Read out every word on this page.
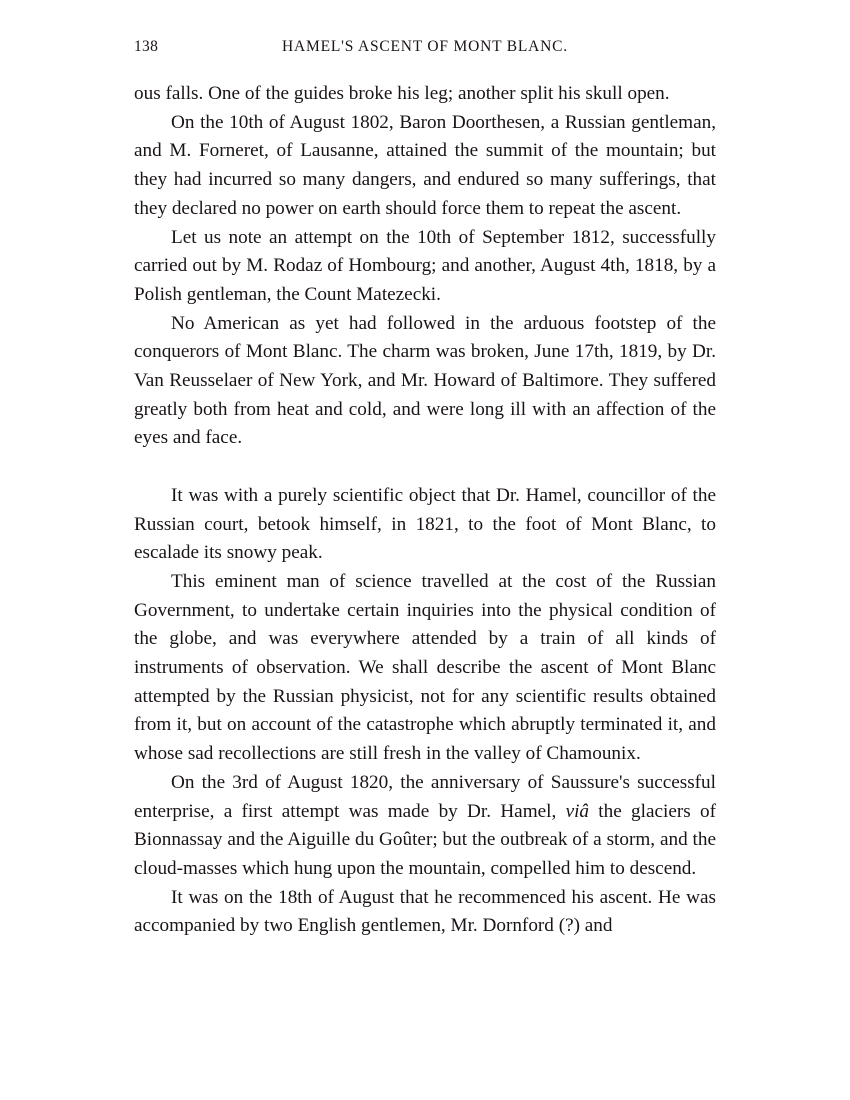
138	HAMEL'S ASCENT OF MONT BLANC.

ous falls. One of the guides broke his leg; another split his skull open.

On the 10th of August 1802, Baron Doorthesen, a Russian gentleman, and M. Forneret, of Lausanne, attained the summit of the mountain; but they had incurred so many dangers, and endured so many sufferings, that they declared no power on earth should force them to repeat the ascent.

Let us note an attempt on the 10th of September 1812, successfully carried out by M. Rodaz of Hombourg; and another, August 4th, 1818, by a Polish gentleman, the Count Matezecki.

No American as yet had followed in the arduous footstep of the conquerors of Mont Blanc. The charm was broken, June 17th, 1819, by Dr. Van Reusselaer of New York, and Mr. Howard of Baltimore. They suffered greatly both from heat and cold, and were long ill with an affection of the eyes and face.

It was with a purely scientific object that Dr. Hamel, councillor of the Russian court, betook himself, in 1821, to the foot of Mont Blanc, to escalade its snowy peak.

This eminent man of science travelled at the cost of the Russian Government, to undertake certain inquiries into the physical condition of the globe, and was everywhere attended by a train of all kinds of instruments of observation. We shall describe the ascent of Mont Blanc attempted by the Russian physicist, not for any scientific results obtained from it, but on account of the catastrophe which abruptly terminated it, and whose sad recollections are still fresh in the valley of Chamounix.

On the 3rd of August 1820, the anniversary of Saussure's successful enterprise, a first attempt was made by Dr. Hamel, viâ the glaciers of Bionnassay and the Aiguille du Goûter; but the outbreak of a storm, and the cloud-masses which hung upon the mountain, compelled him to descend.

It was on the 18th of August that he recommenced his ascent. He was accompanied by two English gentlemen, Mr. Dornford (?) and
